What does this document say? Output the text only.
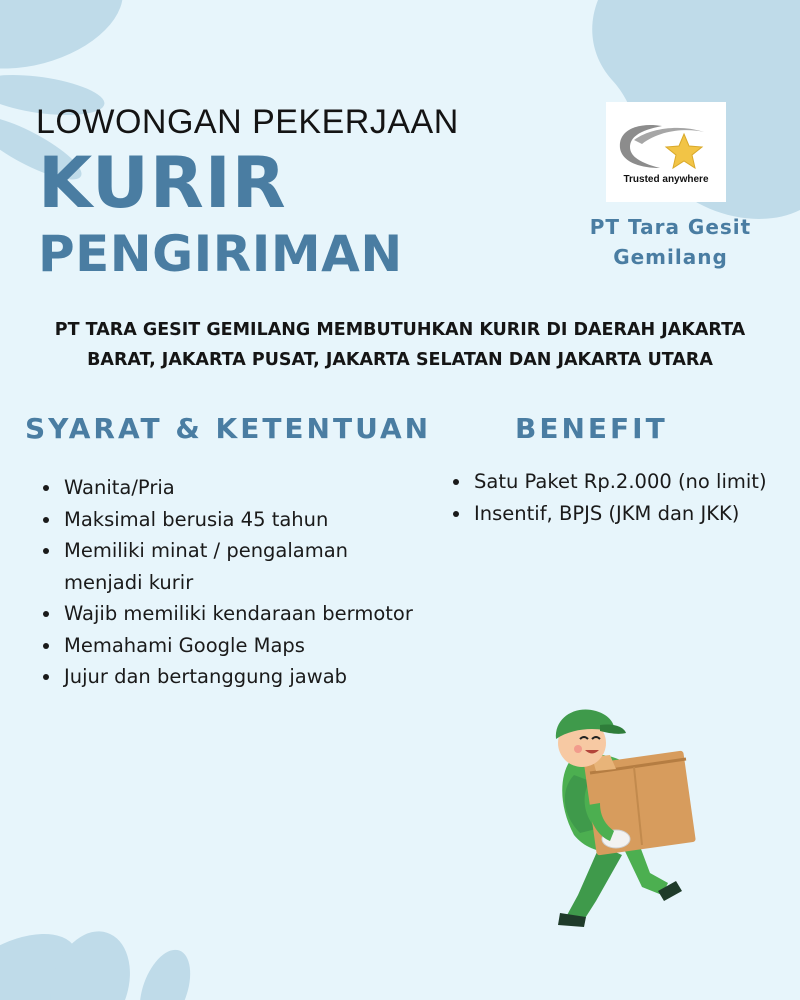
LOWONGAN PEKERJAAN
KURIR
PENGIRIMAN
Trusted anywhere
PT Tara Gesit Gemilang
PT TARA GESIT GEMILANG MEMBUTUHKAN KURIR DI DAERAH JAKARTA BARAT, JAKARTA PUSAT, JAKARTA SELATAN DAN JAKARTA UTARA
SYARAT & KETENTUAN
• Wanita/Pria
• Maksimal berusia 45 tahun
• Memiliki minat / pengalaman menjadi kurir
• Wajib memiliki kendaraan bermotor
• Memahami Google Maps
• Jujur dan bertanggung jawab
BENEFIT
• Satu Paket Rp.2.000 (no limit)
• Insentif, BPJS (JKM dan JKK)
